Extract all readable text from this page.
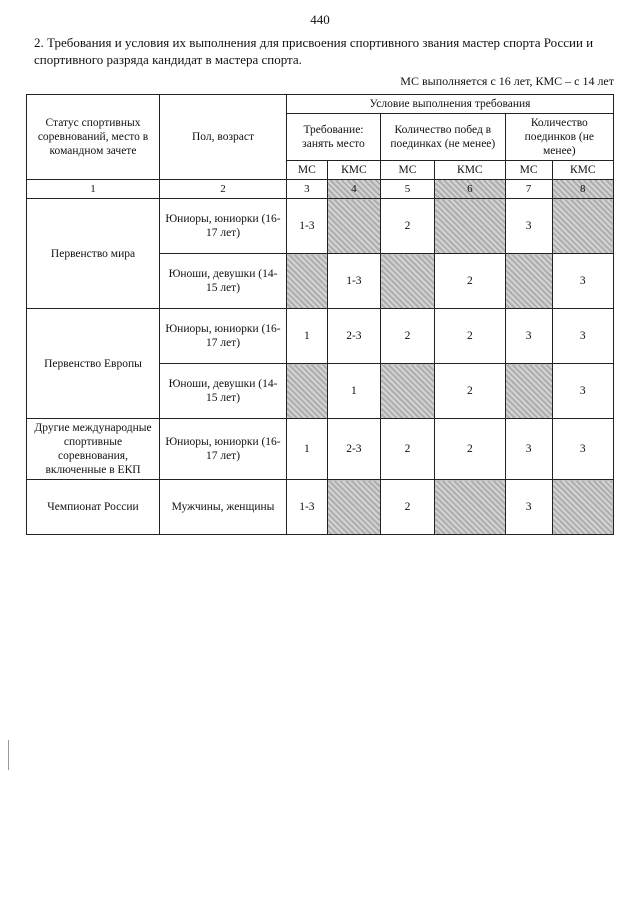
440
2. Требования и условия их выполнения для присвоения спортивного звания мастер спорта России и спортивного разряда кандидат в мастера спорта.
МС выполняется с 16 лет, КМС – с 14 лет
Статус спортивных соревнований, место в командном зачете	Пол, возраст	Условие выполнения требования					
		Требование: занять место		Количество побед в поединках (не менее)		Количество поединков (не менее)	
		МС	КМС	МС	КМС	МС	КМС
1	2	3	4	5	6	7	8
Первенство мира	Юниоры, юниорки (16-17 лет)	1-3		2		3	
	Юноши, девушки (14-15 лет)		1-3		2		3
Первенство Европы	Юниоры, юниорки (16-17 лет)	1	2-3	2	2	3	3
	Юноши, девушки (14-15 лет)		1		2		3
Другие международные спортивные соревнования, включенные в ЕКП	Юниоры, юниорки (16-17 лет)	1	2-3	2	2	3	3
Чемпионат России	Мужчины, женщины	1-3		2		3	
